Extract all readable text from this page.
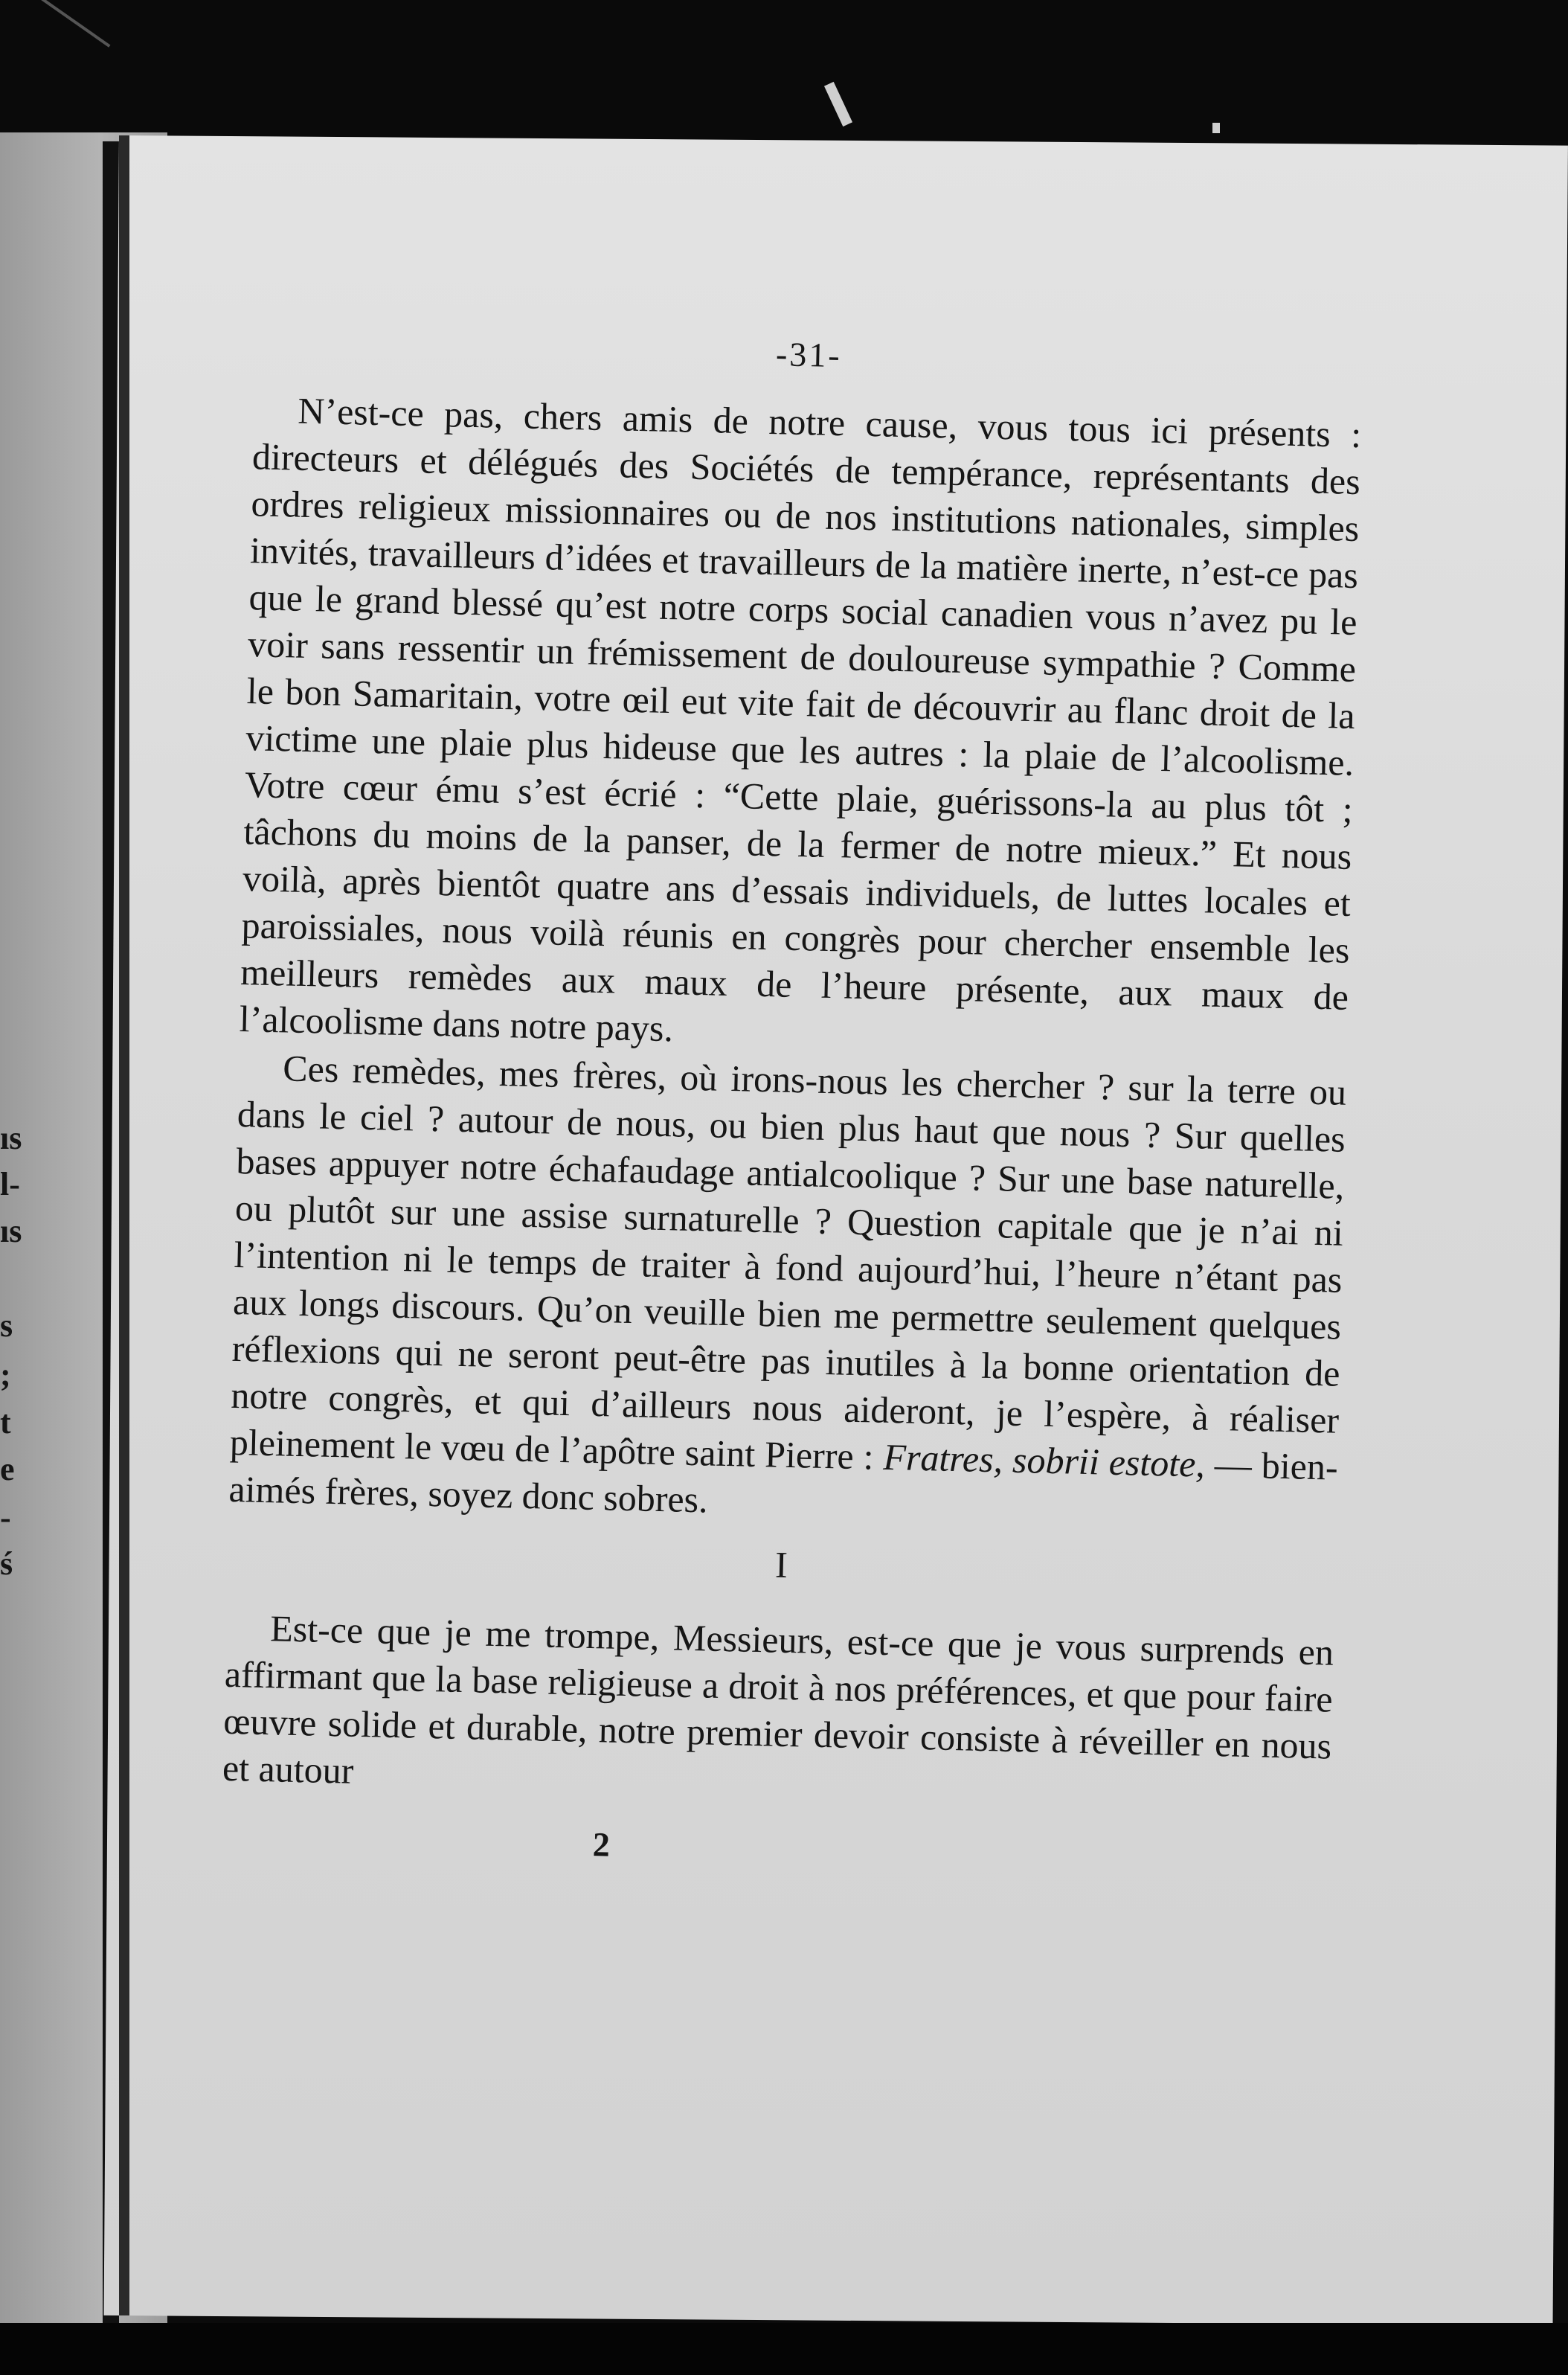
ıs
l-
ıs
s
;
t
e
-
ś
-31-

N’est-ce pas, chers amis de notre cause, vous tous ici présents : directeurs et délégués des Sociétés de tempérance, représentants des ordres religieux missionnaires ou de nos institutions nationales, simples invités, travailleurs d’idées et travailleurs de la matière inerte, n’est-ce pas que le grand blessé qu’est notre corps social canadien vous n’avez pu le voir sans ressentir un frémissement de douloureuse sympathie ? Comme le bon Samaritain, votre œil eut vite fait de découvrir au flanc droit de la victime une plaie plus hideuse que les autres : la plaie de l’alcoolisme. Votre cœur ému s’est écrié : “Cette plaie, guérissons-la au plus tôt ; tâchons du moins de la panser, de la fermer de notre mieux.” Et nous voilà, après bientôt quatre ans d’essais individuels, de luttes locales et paroissiales, nous voilà réunis en congrès pour chercher ensemble les meilleurs remèdes aux maux de l’heure présente, aux maux de l’alcoolisme dans notre pays.

Ces remèdes, mes frères, où irons-nous les chercher ? sur la terre ou dans le ciel ? autour de nous, ou bien plus haut que nous ? Sur quelles bases appuyer notre échafaudage antialcoolique ? Sur une base naturelle, ou plutôt sur une assise surnaturelle ? Question capitale que je n’ai ni l’intention ni le temps de traiter à fond aujourd’hui, l’heure n’étant pas aux longs discours. Qu’on veuille bien me permettre seulement quelques réflexions qui ne seront peut-être pas inutiles à la bonne orientation de notre congrès, et qui d’ailleurs nous aideront, je l’espère, à réaliser pleinement le vœu de l’apôtre saint Pierre : Fratres, sobrii estote, — bien-aimés frères, soyez donc sobres.

I

Est-ce que je me trompe, Messieurs, est-ce que je vous surprends en affirmant que la base religieuse a droit à nos préférences, et que pour faire œuvre solide et durable, notre premier devoir consiste à réveiller en nous et autour

2
